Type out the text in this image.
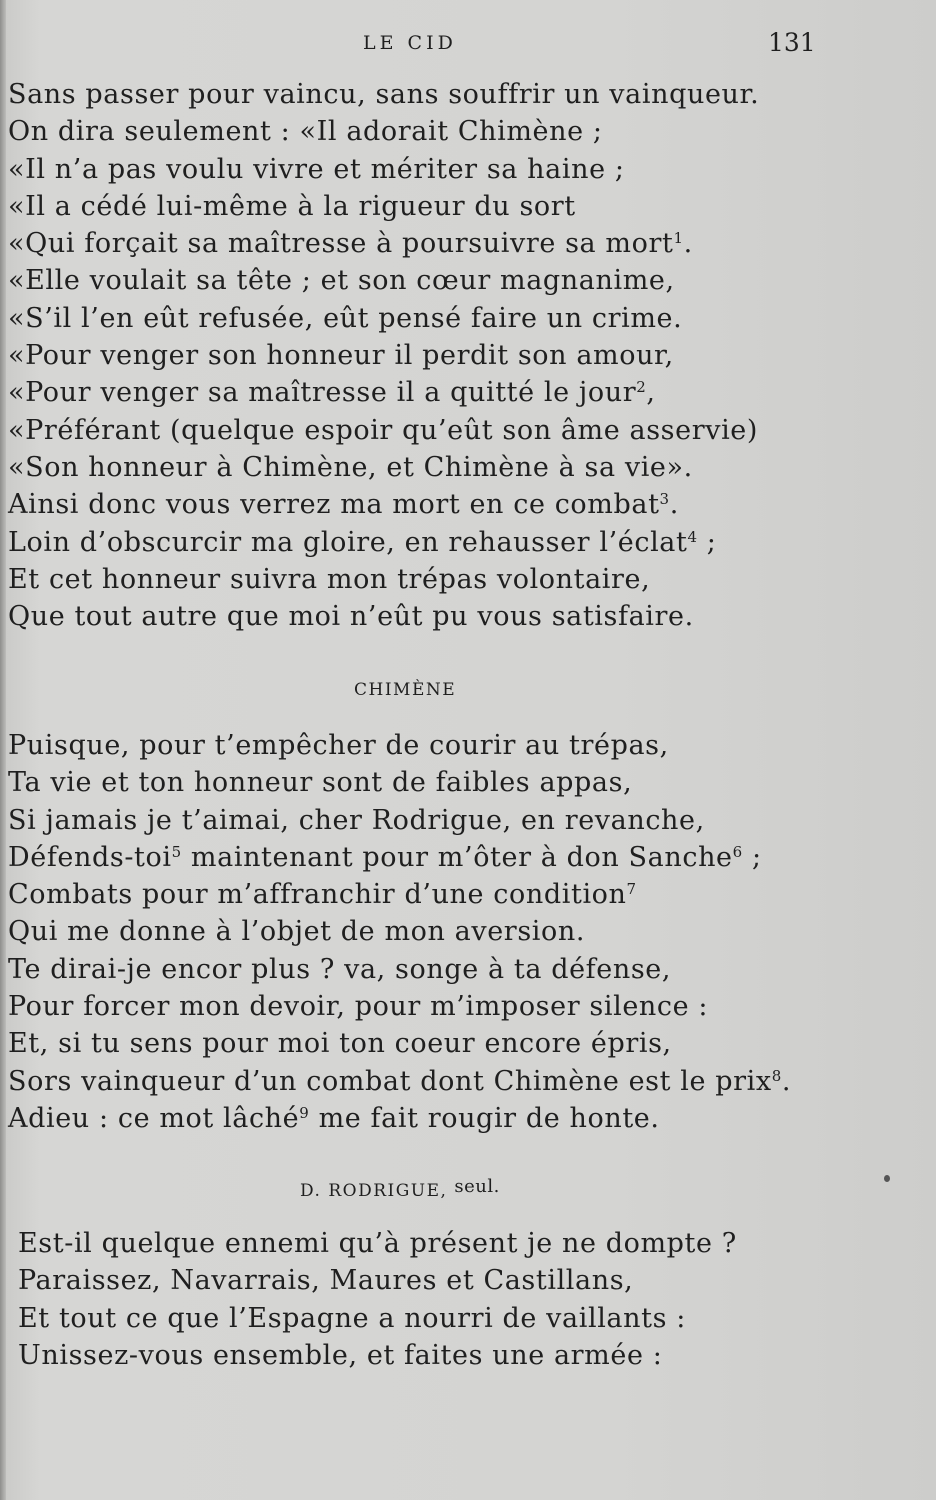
LE CID	131
Sans passer pour vaincu, sans souffrir un vainqueur.
On dira seulement : «Il adorait Chimène ;
«Il n’a pas voulu vivre et mériter sa haine ;
«Il a cédé lui-même à la rigueur du sort
«Qui forçait sa maîtresse à poursuivre sa mort$^1$.
«Elle voulait sa tête ; et son cœur magnanime,
«S’il l’en eût refusée, eût pensé faire un crime.
«Pour venger son honneur il perdit son amour,
«Pour venger sa maîtresse il a quitté le jour$^2$,
«Préférant (quelque espoir qu’eût son âme asservie)
«Son honneur à Chimène, et Chimène à sa vie».
Ainsi donc vous verrez ma mort en ce combat$^3$.
Loin d’obscurcir ma gloire, en rehausser l’éclat$^4$ ;
Et cet honneur suivra mon trépas volontaire,
Que tout autre que moi n’eût pu vous satisfaire.
CHIMÈNE
Puisque, pour t’empêcher de courir au trépas,
Ta vie et ton honneur sont de faibles appas,
Si jamais je t’aimai, cher Rodrigue, en revanche,
Défends-toi$^5$ maintenant pour m’ôter à don Sanche$^6$ ;
Combats pour m’affranchir d’une condition$^7$
Qui me donne à l’objet de mon aversion.
Te dirai-je encor plus ? va, songe à ta défense,
Pour forcer mon devoir, pour m’imposer silence :
Et, si tu sens pour moi ton coeur encore épris,
Sors vainqueur d’un combat dont Chimène est le prix$^8$.
Adieu : ce mot lâché$^9$ me fait rougir de honte.
D. RODRIGUE, seul.
Est-il quelque ennemi qu’à présent je ne dompte ?
Paraissez, Navarrais, Maures et Castillans,
Et tout ce que l’Espagne a nourri de vaillants :
Unissez-vous ensemble, et faites une armée :
